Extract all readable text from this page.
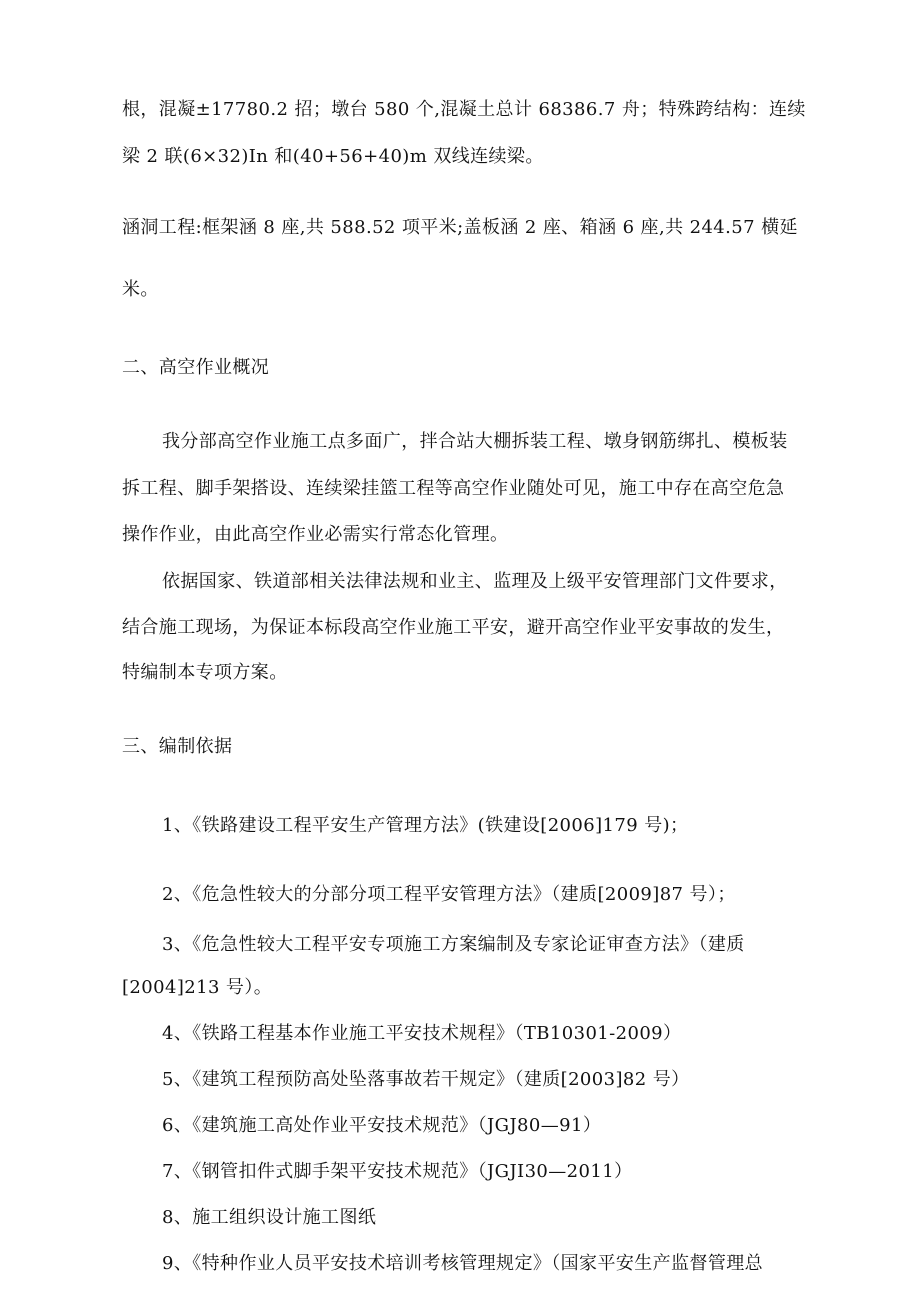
根，混凝±17780.2 招；墩台 580 个,混凝土总计 68386.7 舟；特殊跨结构：连续
梁 2 联(6×32)In 和(40+56+40)m 双线连续梁。
涵洞工程:框架涵 8 座,共 588.52 项平米;盖板涵 2 座、箱涵 6 座,共 244.57 横延
米。
二、高空作业概况
我分部高空作业施工点多面广，拌合站大棚拆装工程、墩身钢筋绑扎、模板装
拆工程、脚手架搭设、连续梁挂篮工程等高空作业随处可见，施工中存在高空危急
操作作业，由此高空作业必需实行常态化管理。
依据国家、铁道部相关法律法规和业主、监理及上级平安管理部门文件要求，
结合施工现场，为保证本标段高空作业施工平安，避开高空作业平安事故的发生，
特编制本专项方案。
三、编制依据
1、《铁路建设工程平安生产管理方法》(铁建设[2006]179 号)；
2、《危急性较大的分部分项工程平安管理方法》（建质[2009]87 号）；
3、《危急性较大工程平安专项施工方案编制及专家论证审查方法》（建质
[2004]213 号）。
4、《铁路工程基本作业施工平安技术规程》（TB10301-2009）
5、《建筑工程预防高处坠落事故若干规定》（建质[2003]82 号）
6、《建筑施工高处作业平安技术规范》（JGJ80—91）
7、《钢管扣件式脚手架平安技术规范》（JGJI30—2011）
8、施工组织设计施工图纸
9、《特种作业人员平安技术培训考核管理规定》（国家平安生产监督管理总
